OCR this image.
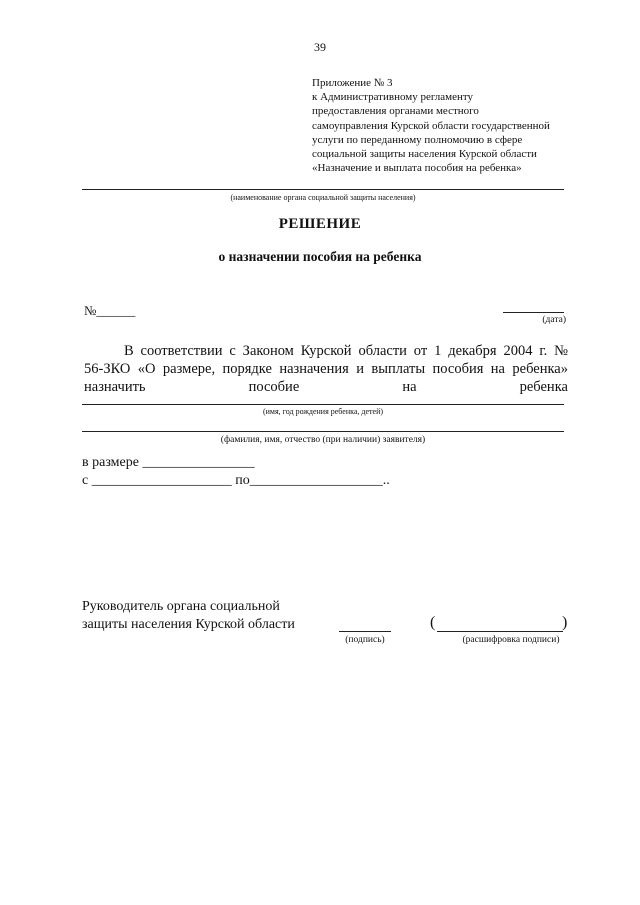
39
Приложение № 3
к Административному регламенту
предоставления органами местного
самоуправления Курской области государственной
услуги по переданному полномочию в сфере
социальной защиты населения Курской области
«Назначение и выплата пособия на ребенка»
(наименование органа социальной защиты населения)
РЕШЕНИЕ
о назначении пособия на ребенка
№______
(дата)
В соответствии с Законом Курской области от 1 декабря 2004 г. №
56-ЗКО «О размере, порядке назначения и выплаты пособия на ребенка»
назначить	пособие	на	ребенка
(имя, год рождения ребенка, детей)
(фамилия, имя, отчество (при наличии) заявителя)
в размере ________________
с ____________________ по___________________..
Руководитель органа социальной
защиты населения Курской области
(подпись)
(	)
(расшифровка подписи)
